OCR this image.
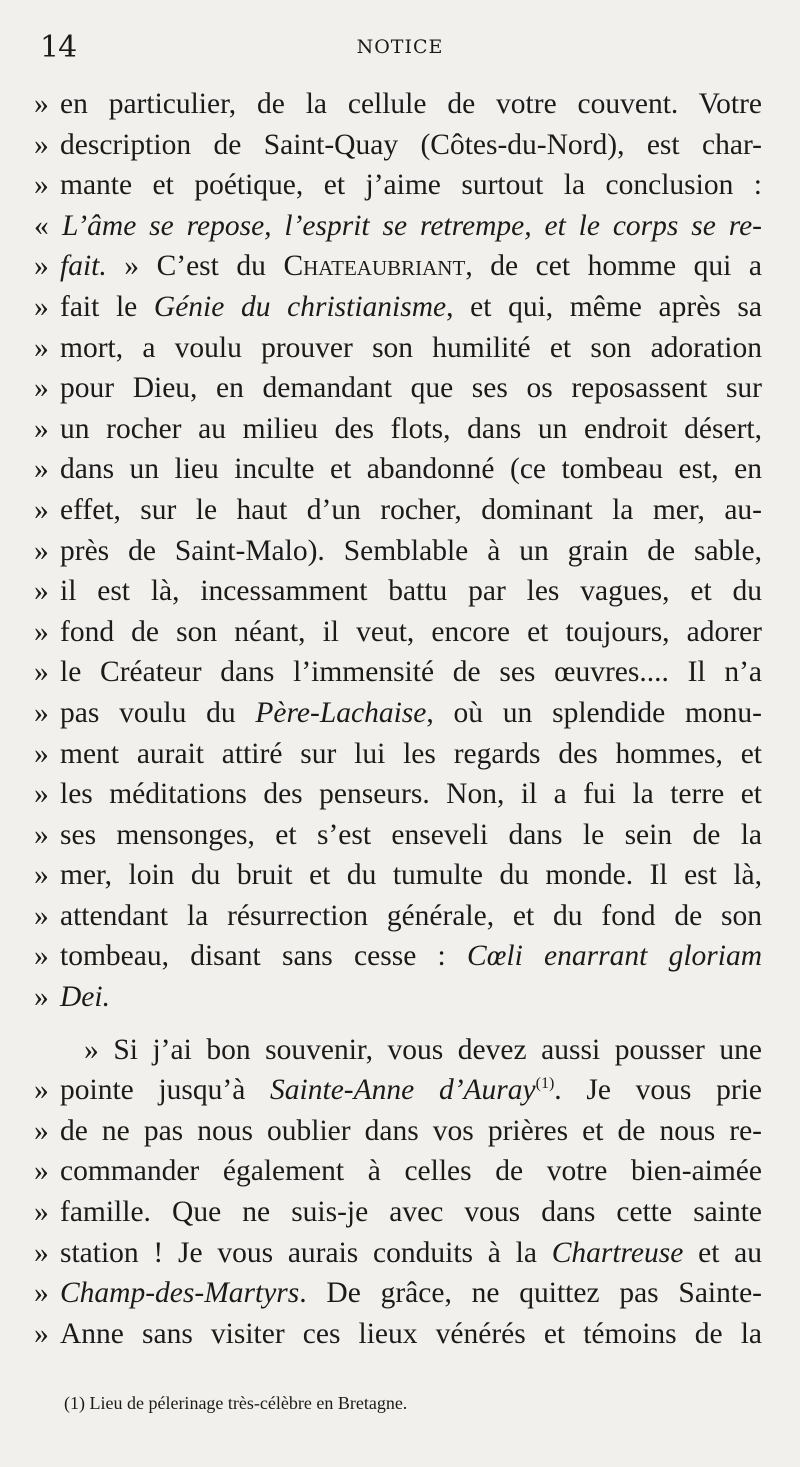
14	NOTICE
» en particulier, de la cellule de votre couvent. Votre
» description de Saint-Quay (Côtes-du-Nord), est char-
» mante et poétique, et j’aime surtout la conclusion :
« L’âme se repose, l’esprit se retrempe, et le corps se re-
» fait. » C’est du Chateaubriant, de cet homme qui a
» fait le Génie du christianisme, et qui, même après sa
» mort, a voulu prouver son humilité et son adoration
» pour Dieu, en demandant que ses os reposassent sur
» un rocher au milieu des flots, dans un endroit désert,
» dans un lieu inculte et abandonné (ce tombeau est, en
» effet, sur le haut d’un rocher, dominant la mer, au-
» près de Saint-Malo). Semblable à un grain de sable,
» il est là, incessamment battu par les vagues, et du
» fond de son néant, il veut, encore et toujours, adorer
» le Créateur dans l’immensité de ses œuvres.... Il n’a
» pas voulu du Père-Lachaise, où un splendide monu-
» ment aurait attiré sur lui les regards des hommes, et
» les méditations des penseurs. Non, il a fui la terre et
» ses mensonges, et s’est enseveli dans le sein de la
» mer, loin du bruit et du tumulte du monde. Il est là,
» attendant la résurrection générale, et du fond de son
» tombeau, disant sans cesse : Cœli enarrant gloriam
» Dei.
» Si j’ai bon souvenir, vous devez aussi pousser une
» pointe jusqu’à Sainte-Anne d’Auray$^{(1)}$. Je vous prie
» de ne pas nous oublier dans vos prières et de nous re-
» commander également à celles de votre bien-aimée
» famille. Que ne suis-je avec vous dans cette sainte
» station ! Je vous aurais conduits à la Chartreuse et au
» Champ-des-Martyrs. De grâce, ne quittez pas Sainte-
» Anne sans visiter ces lieux vénérés et témoins de la
(1) Lieu de pélerinage très-célèbre en Bretagne.
